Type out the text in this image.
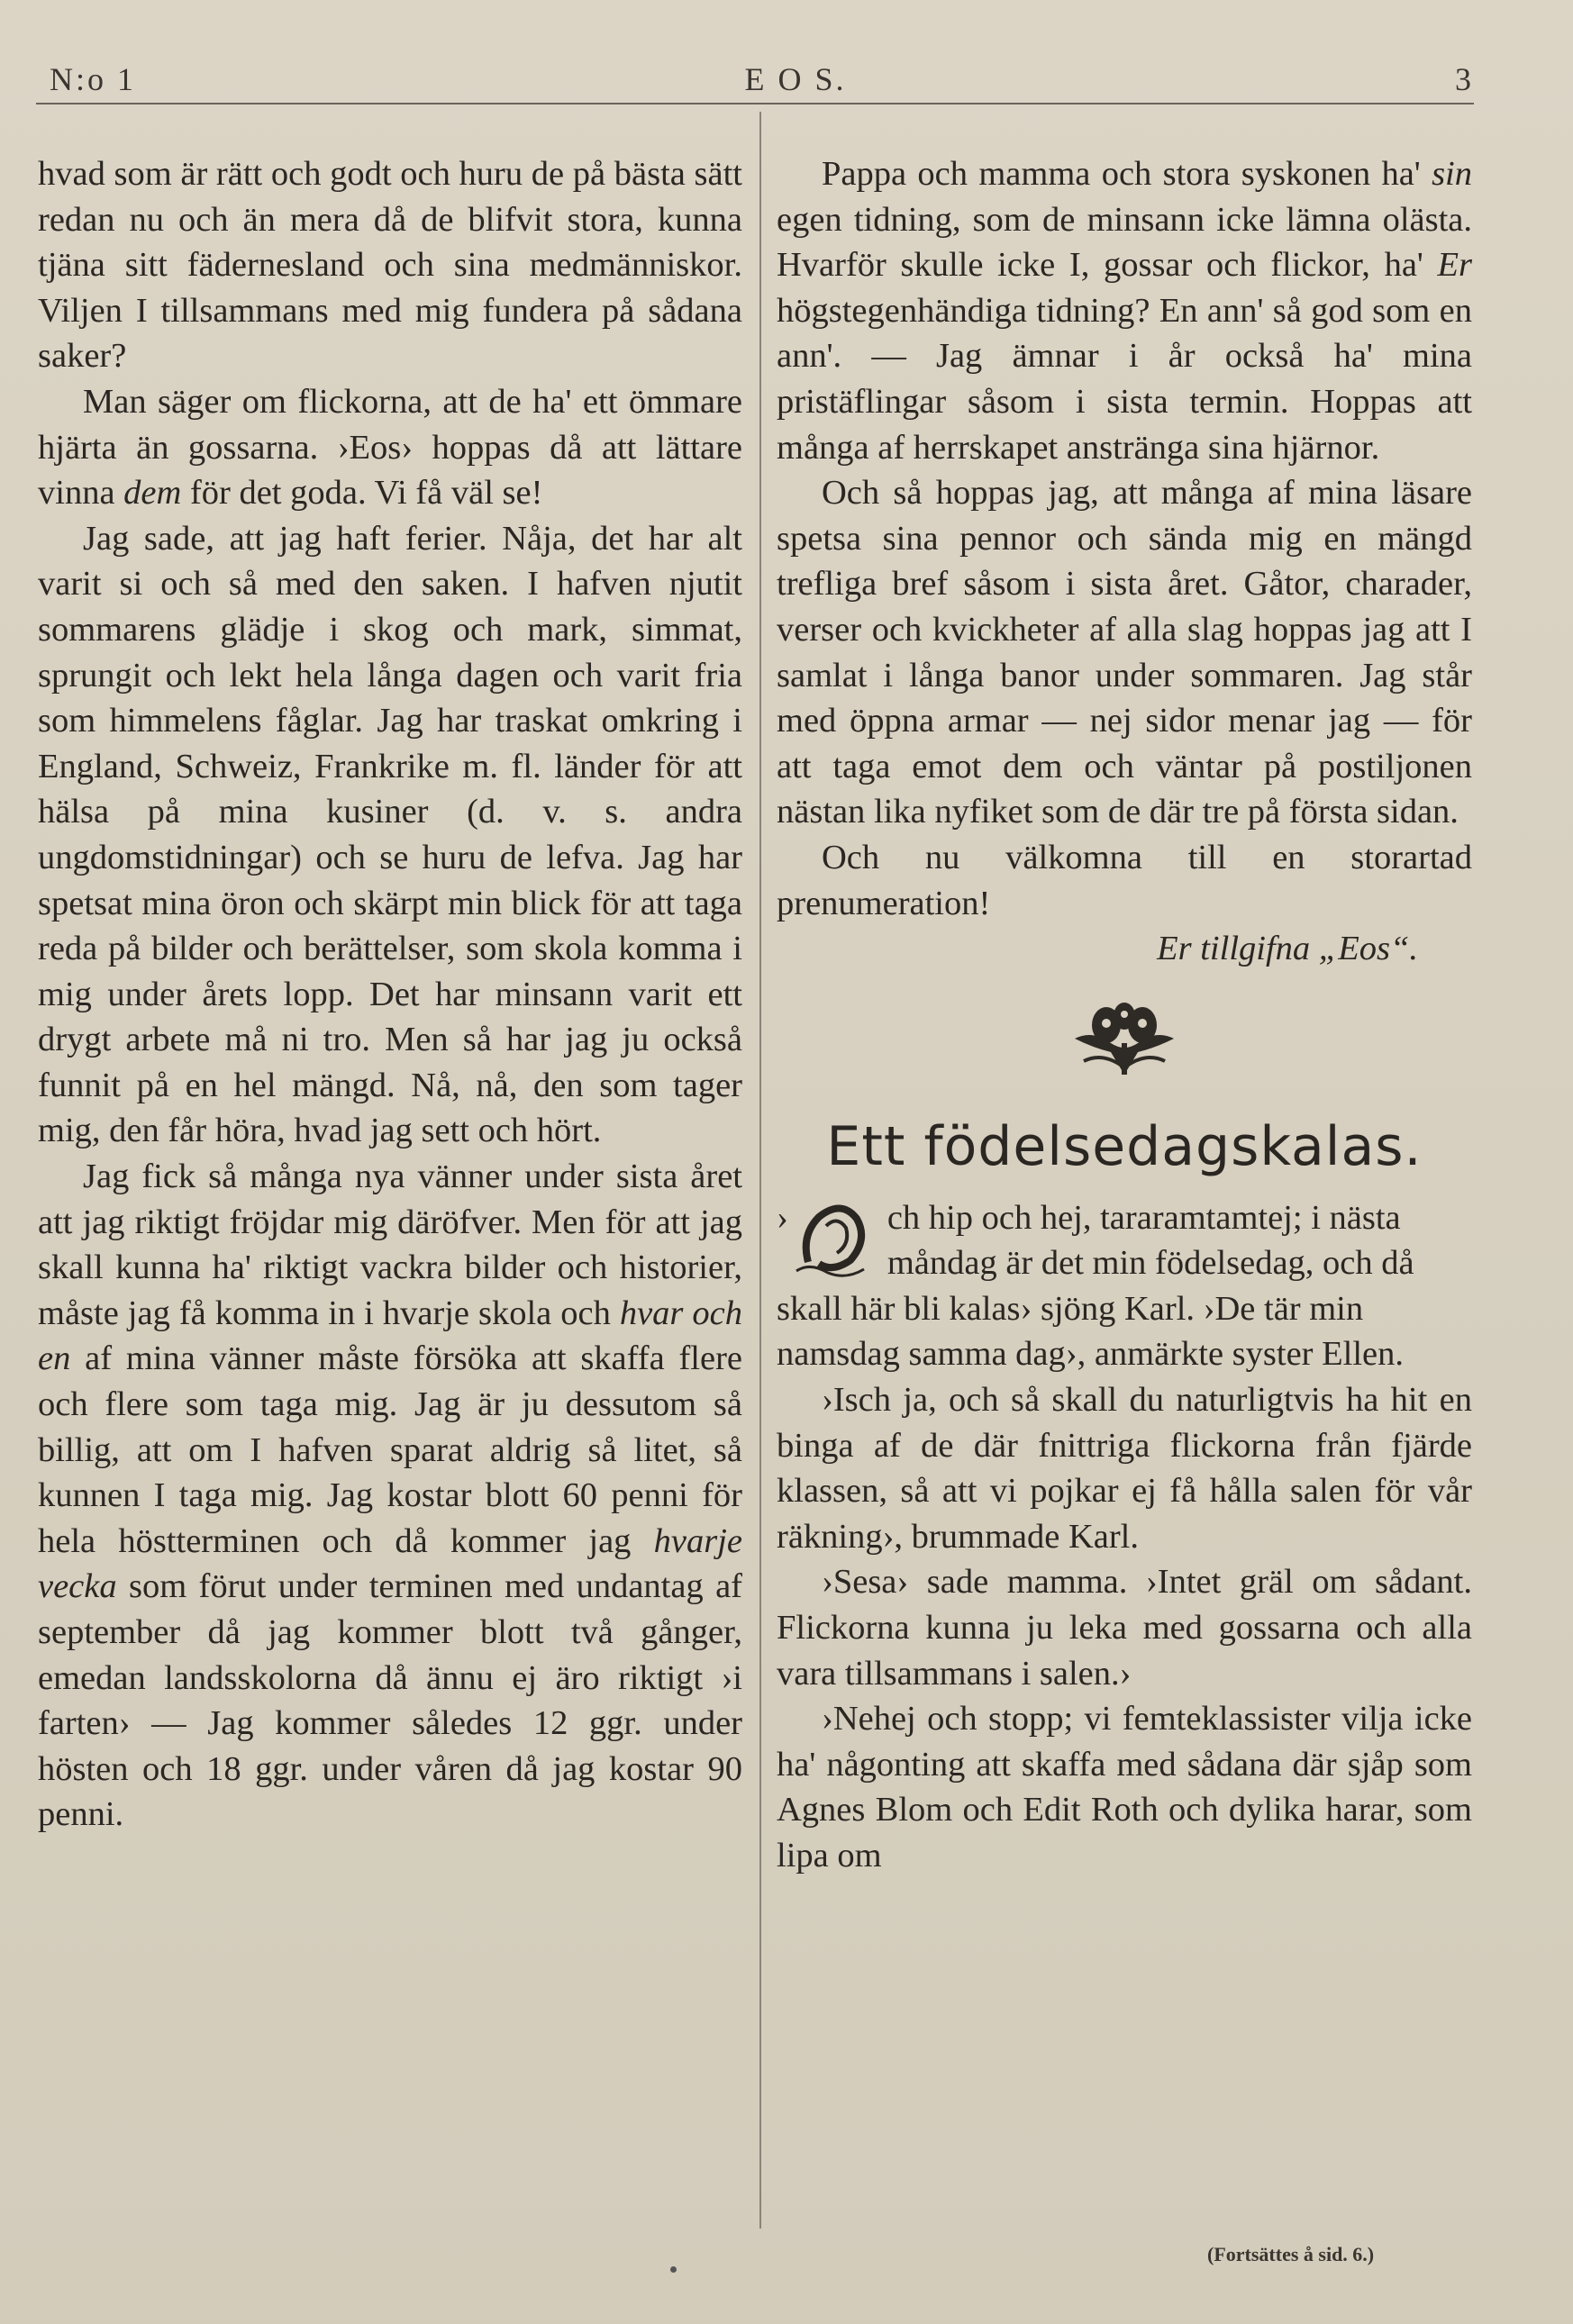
N:o 1	E O S.	3

hvad som är rätt och godt och huru de på bästa sätt redan nu och än mera då de blifvit stora, kunna tjäna sitt fädernesland och sina medmänniskor. Viljen I tillsammans med mig fundera på sådana saker?

Man säger om flickorna, att de ha' ett ömmare hjärta än gossarna. ›Eos› hoppas då att lättare vinna dem för det goda. Vi få väl se!

Jag sade, att jag haft ferier. Nåja, det har alt varit si och så med den saken. I hafven njutit sommarens glädje i skog och mark, simmat, sprungit och lekt hela långa dagen och varit fria som himmelens fåglar. Jag har traskat omkring i England, Schweiz, Frankrike m. fl. länder för att hälsa på mina kusiner (d. v. s. andra ungdomstidningar) och se huru de lefva. Jag har spetsat mina öron och skärpt min blick för att taga reda på bilder och berättelser, som skola komma i mig under årets lopp. Det har minsann varit ett drygt arbete må ni tro. Men så har jag ju också funnit på en hel mängd. Nå, nå, den som tager mig, den får höra, hvad jag sett och hört.

Jag fick så många nya vänner under sista året att jag riktigt fröjdar mig däröfver. Men för att jag skall kunna ha' riktigt vackra bilder och historier, måste jag få komma in i hvarje skola och hvar och en af mina vänner måste försöka att skaffa flere och flere som taga mig. Jag är ju dessutom så billig, att om I hafven sparat aldrig så litet, så kunnen I taga mig. Jag kostar blott 60 penni för hela höstterminen och då kommer jag hvarje vecka som förut under terminen med undantag af september då jag kommer blott två gånger, emedan landsskolorna då ännu ej äro riktigt ›i farten› — Jag kommer således 12 ggr. under hösten och 18 ggr. under våren då jag kostar 90 penni.

Pappa och mamma och stora syskonen ha' sin egen tidning, som de minsann icke lämna olästa. Hvarför skulle icke I, gossar och flickor, ha' Er högstegenhändiga tidning? En ann' så god som en ann'. — Jag ämnar i år också ha' mina pristäflingar såsom i sista termin. Hoppas att många af herrskapet anstränga sina hjärnor.

Och så hoppas jag, att många af mina läsare spetsa sina pennor och sända mig en mängd trefliga bref såsom i sista året. Gåtor, charader, verser och kvickheter af alla slag hoppas jag att I samlat i långa banor under sommaren. Jag står med öppna armar — nej sidor menar jag — för att taga emot dem och väntar på postiljonen nästan lika nyfiket som de där tre på första sidan.

Och nu välkomna till en storartad prenumeration!

Er tillgifna „Eos“.

Ett födelsedagskalas.

›	ch hip och hej, tararamtamtej; i nästa måndag är det min födelsedag, och då skall här bli kalas› sjöng Karl. ›De tär min namsdag samma dag›, anmärkte syster Ellen.

›Isch ja, och så skall du naturligtvis ha hit en binga af de där fnittriga flickorna från fjärde klassen, så att vi pojkar ej få hålla salen för vår räkning›, brummade Karl.

›Sesa› sade mamma. ›Intet gräl om sådant. Flickorna kunna ju leka med gossarna och alla vara tillsammans i salen.›

›Nehej och stopp; vi femteklassister vilja icke ha' någonting att skaffa med sådana där sjåp som Agnes Blom och Edit Roth och dylika harar, som lipa om

(Fortsättes å sid. 6.)
